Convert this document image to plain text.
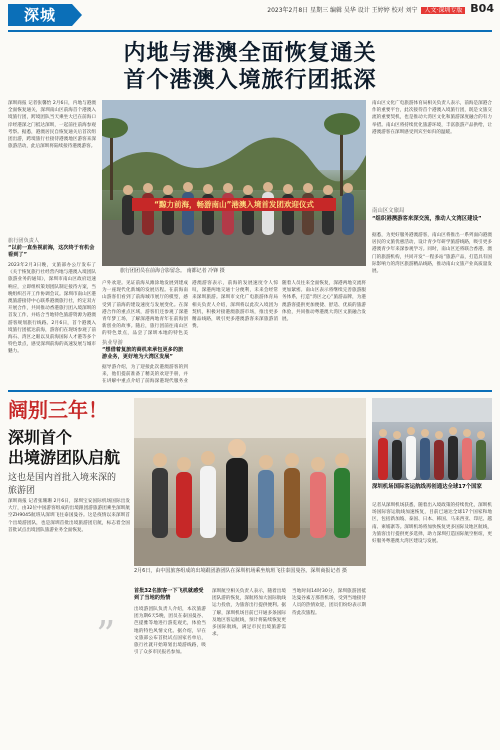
深城	2023年2月8日 星期三 编辑 吴华 设计 王婷婷 校对 刘宁 人文·深圳专版 B04
内地与港澳全面恢复通关
首个港澳入境旅行团抵深
深圳商报 记者张馨怡 2月6日，内地与港澳全面恢复通关，深圳南山区前海首个港澳入境旅行团，跨境团队当天乘坐大巴在前海口岸经港深之门抵达深圳，一起前往前海参观考察。据悉，港澳居民自恢复通关后首次组团出游，跨境旅行社接待港澳地区游客来深旅游活动，此后深圳将陆续接待港澳游客。
旅行团负责人
“以前一直坐视前海，这次终于有机会看到了”
2023年2月3日晚，文旅部办公厅发布了《关于恢复旅行社经营内地与港澳入境团队旅游业务的通知》，深圳市南山区政府迅速响应，立即组织策划团队制定接待方案，当晚组织召开工作协调会议。深圳市南山区港澳旅游接待中心联系港澳旅行社，约定双方开展合作，共同推动香港旅行团入境深圳的首发工作，并结合当地特色旅游资源为港澳游客规划旅行线路。2月6日，首个港澳入境旅行团抵达前海，游客们在现场参观了前海石、湾区之眼以及前海国际人才港等多个特色景点，感受深圳前海的高速发展与城市魅力。
“黥力前海，畅游南山”港澳入境首发团欢迎仪式
旅行团团员在前海合影留念。 南都记者 冷锋 摄
户外欢迎。见证前海从滩涂地发展到建成为一座现代化新城的发展历程。在前海南山游客们看到了前海城市展厅的模型，感受到了前海的建设速度与发展变化。在深港合作的重点区域，游客们还参观了深港青年梦工场，了解深港两地青年在前海创新创业的故事。随后，旅行团前往南山区的特色景点，品尝了深圳本地的特色美
执业导游
“想借着复旅的商机来承包更多的旅游业务，更好地为大湾区发展”
据导游介绍，为了迎接此次港澳游客的到来，他们提前准备了精美的欢迎手册，并在讲解中重点介绍了前海深港现代服务业
港澳游客表示，前海的发展速度令人惊叹，深港两地交通十分便利，未来会经常来深圳旅游。深圳市文化广电旅游体育局相关负责人介绍，深圳将以此次入境团为契机，积极对接港澳旅游市场，推出更多精品线路，吸引更多港澳游客来深旅游消费。
随着人员往来全面恢复，深港两地交流将更加紧密。南山区表示将继续完善旅游服务体系，打造“湾区之心”旅游品牌，为港澳游客提供更加便捷、舒适、优质的旅游体验，共同推动粤港澳大湾区文旅融合发展。
南山区文化广电旅游体育局相关负责人表示，前海是深港合作的重要平台，此次接待首个港澳入境旅行团，既是文旅交流的重要契机，也是推动大湾区文化和旅游深度融合的有力举措。南山区将持续优化旅游环境，丰富旅游产品供给，让港澳游客在深圳感受到宾至如归的温暖。
南山区文旅局
“组织港澳游客来深交流，推动人文湾区建设”
据悉，为更好服务港澳游客，南山区将推出一系列面向港澳居民的文旅优惠活动，设计青少年研学旅游线路，吸引更多港澳青少年来深参观学习。同时，南山区还将联合香港、澳门的旅游机构，共同开发“一程多站”旅游产品，打造具有国际影响力的湾区旅游精品线路，推动南山文旅产业高质量发展。
阔别三年！
深圳首个
出境游团队启航
这也是国内首批入境来深的
旅游团
深圳商报 记者张珊珊 2月6日，深圳宝安国际机场国际出发大厅，由32位中国游客组成的出境跟团游旅游团乘坐深圳航空ZH9045航班从深圳飞往泰国曼谷。这是疫情以来深圳首个出境游团队，也是深圳首批出境旅游团启航，标志着全国首批试点出境团队旅游业务全面恢复。
”
2月6日，由中国旅客组成的出境跟团游团队在深圳机场乘坐航班飞往泰国曼谷。深圳商报记者 摄
首批32名旅客一下飞机就感受到了当地的热情
出境游团队负责人介绍，本次旅游团为期6天5晚，团员在泰国曼谷、芭提雅等地进行游览观光，体验当地的特色风情文化。据介绍，早在文旅部公布首批试点国家名单后，旅行社就开始筹划出境游线路，吸引了众多市民报名参加。
深圳航空相关负责人表示，随着出境团队游的恢复，深航将加大国际航线运力投放，为旅客出行提供便利。据了解，深圳机场目前已开通多条国际及地区客运航线，预计将陆续恢复更多国际航线，满足市民出境旅游需求。
当地时间14时30分，深圳旅游团抵达曼谷素万那普机场，受到当地接待人员的热情欢迎，团员们纷纷表示期待此次旅程。
深圳机场国际客运航线再创通达全球17个国家
记者从深圳机场获悉，随着出入境政策的持续优化，深圳机场国际客运航线加速恢复，目前已通达全球17个国家和地区，包括新加坡、泰国、日本、韩国、马来西亚、印尼、越南、柬埔寨等。深圳机场将加快恢复更多国际及地区航线，为旅客出行提供更多选择，助力深圳打造国际航空枢纽，更好服务粤港澳大湾区建设与发展。
